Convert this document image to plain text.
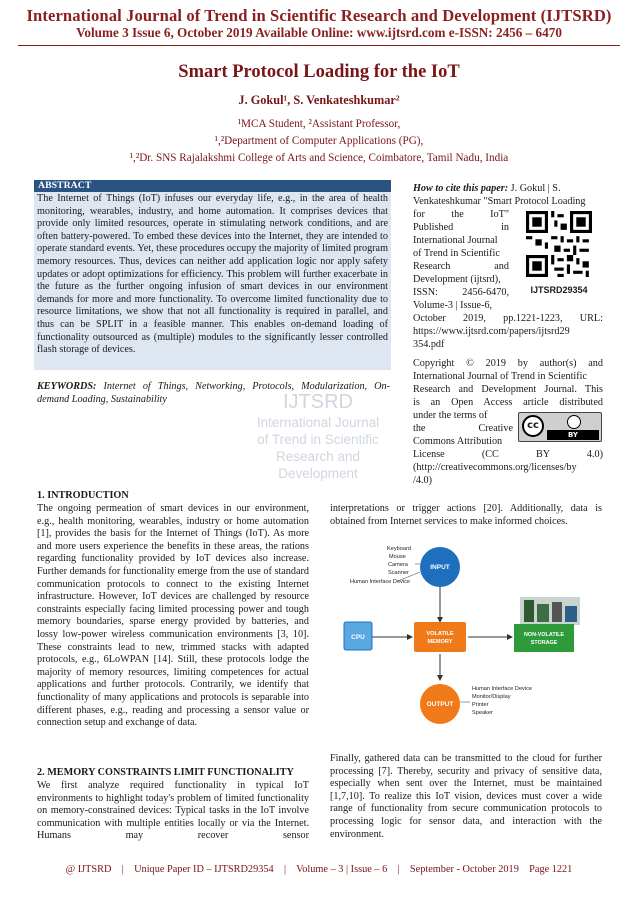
International Journal of Trend in Scientific Research and Development (IJTSRD)
Volume 3 Issue 6, October 2019 Available Online: www.ijtsrd.com e-ISSN: 2456 – 6470
Smart Protocol Loading for the IoT
J. Gokul¹, S. Venkateshkumar²
¹MCA Student, ²Assistant Professor,
¹,²Department of Computer Applications (PG),
¹,²Dr. SNS Rajalakshmi College of Arts and Science, Coimbatore, Tamil Nadu, India
ABSTRACT
The Internet of Things (IoT) infuses our everyday life, e.g., in the area of health monitoring, wearables, industry, and home automation. It comprises devices that provide only limited resources, operate in stimulating network conditions, and are often battery-powered. To embed these devices into the Internet, they are intended to operate standard events. Yet, these procedures occupy the majority of limited program memory resources. Thus, devices can neither add application logic nor apply safety updates or adopt optimizations for efficiency. This problem will further exacerbate in the future as the further ongoing infusion of smart devices in our environment demands for more and more functionality. To overcome limited functionality due to resource limitations, we show that not all functionality is required in parallel, and thus can be SPLIT in a feasible manner. This enables on-demand loading of functionality outsourced as (multiple) modules to the significantly lesser controlled flash storage of devices.
KEYWORDS: Internet of Things, Networking, Protocols, Modularization, On-demand Loading, Sustainability	IJTSRD
International Journal
of Trend in Scientific
Research and
Development
How to cite this paper: J. Gokul | S.
Venkateshkumar "Smart Protocol Loading
for the IoT"
Published in
International Journal
of Trend in Scientific
Research and
Development (ijtsrd),
ISSN: 2456-6470,
Volume-3 | Issue-6,
October 2019, pp.1221-1223, URL:
https://www.ijtsrd.com/papers/ijtsrd29
354.pdf
IJTSRD29354
Copyright © 2019 by author(s) and
International Journal of Trend in Scientific
Research and Development Journal. This
is an Open Access article distributed
under the terms of
the Creative
Commons Attribution
License (CC BY 4.0)
(http://creativecommons.org/licenses/by
/4.0)
cc
BY
1. INTRODUCTION
The ongoing permeation of smart devices in our environment, e.g., health monitoring, wearables, industry or home automation [1], provides the basis for the Internet of Things (IoT). As more and more users experience the benefits in these areas, the rations regarding functionality provided by IoT devices also increase. Further demands for functionality emerge from the use of standard communication protocols to connect to the existing Internet infrastructure. However, IoT devices are challenged by resource constraints especially facing limited processing power and tough memory boundaries, sparse energy provided by batteries, and lossy low-power wireless communication environments [3, 10]. These constraints lead to new, trimmed stacks with adapted protocols, e.g., 6LoWPAN [14]. Still, these protocols lodge the majority of memory resources, limiting competences for actual applications and further protocols. Contrarily, we identify that functionality of many applications and protocols is separable into different phases, e.g., reading and processing a sensor value or connection setup and exchange of data.
2. MEMORY CONSTRAINTS LIMIT FUNCTIONALITY
We first analyze required functionality in typical IoT environments to highlight today's problem of limited functionality on memory-constrained devices: Typical tasks in the IoT involve communication with multiple entities locally or via the Internet. Humans may recover sensor
interpretations or trigger actions [20]. Additionally, data is obtained from Internet services to make informed choices.
Finally, gathered data can be transmitted to the cloud for further processing [7]. Thereby, security and privacy of sensitive data, especially when sent over the Internet, must be maintained [1,7,10]. To realize this IoT vision, devices must cover a wide range of functionality from secure communication protocols to processing logic for sensor data, and interaction with the environment.
Keyboard
Mouse
Camera
Scanner
Human Interface Device
INPUT
CPU	VOLATILE
MEMORY
NON-VOLATILE
STORAGE
OUTPUT
Human Interface Device
Monitor/Display
Printer
Speaker
@ IJTSRD    |    Unique Paper ID – IJTSRD29354    |    Volume – 3 | Issue – 6    |    September - October 2019    Page 1221
